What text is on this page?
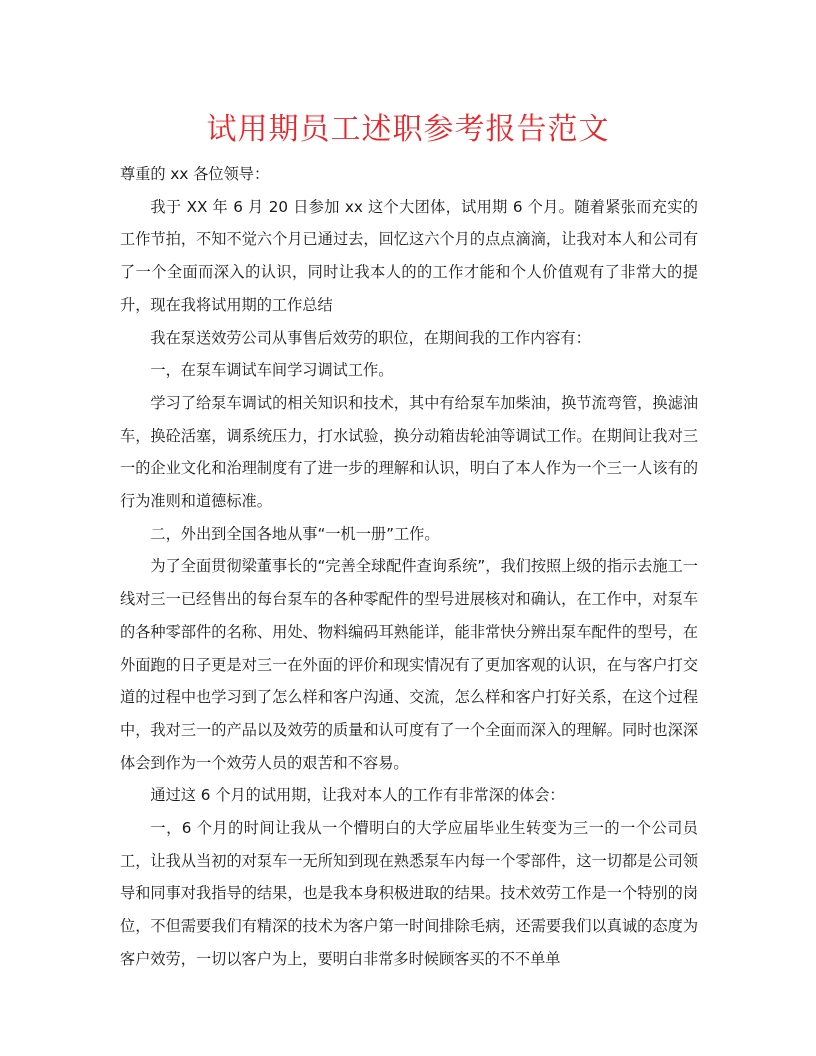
试用期员工述职参考报告范文

尊重的 xx 各位领导：

我于 XX 年 6 月 20 日参加 xx 这个大团体，试用期 6 个月。随着紧张而充实的工作节拍，不知不觉六个月已通过去，回忆这六个月的点点滴滴，让我对本人和公司有了一个全面而深入的认识，同时让我本人的的工作才能和个人价值观有了非常大的提升，现在我将试用期的工作总结

我在泵送效劳公司从事售后效劳的职位，在期间我的工作内容有：

一，在泵车调试车间学习调试工作。

学习了给泵车调试的相关知识和技术，其中有给泵车加柴油，换节流弯管，换滤油车，换砼活塞，调系统压力，打水试验，换分动箱齿轮油等调试工作。在期间让我对三一的企业文化和治理制度有了进一步的理解和认识，明白了本人作为一个三一人该有的行为准则和道德标准。

二，外出到全国各地从事“一机一册”工作。

为了全面贯彻梁董事长的“完善全球配件查询系统”，我们按照上级的指示去施工一线对三一已经售出的每台泵车的各种零配件的型号进展核对和确认，在工作中，对泵车的各种零部件的名称、用处、物料编码耳熟能详，能非常快分辨出泵车配件的型号，在外面跑的日子更是对三一在外面的评价和现实情况有了更加客观的认识，在与客户打交道的过程中也学习到了怎么样和客户沟通、交流，怎么样和客户打好关系，在这个过程中，我对三一的产品以及效劳的质量和认可度有了一个全面而深入的理解。同时也深深体会到作为一个效劳人员的艰苦和不容易。

通过这 6 个月的试用期，让我对本人的工作有非常深的体会：

一，6 个月的时间让我从一个懵明白的大学应届毕业生转变为三一的一个公司员工，让我从当初的对泵车一无所知到现在熟悉泵车内每一个零部件，这一切都是公司领导和同事对我指导的结果，也是我本身积极进取的结果。技术效劳工作是一个特别的岗位，不但需要我们有精深的技术为客户第一时间排除毛病，还需要我们以真诚的态度为客户效劳，一切以客户为上，要明白非常多时候顾客买的不不单单
